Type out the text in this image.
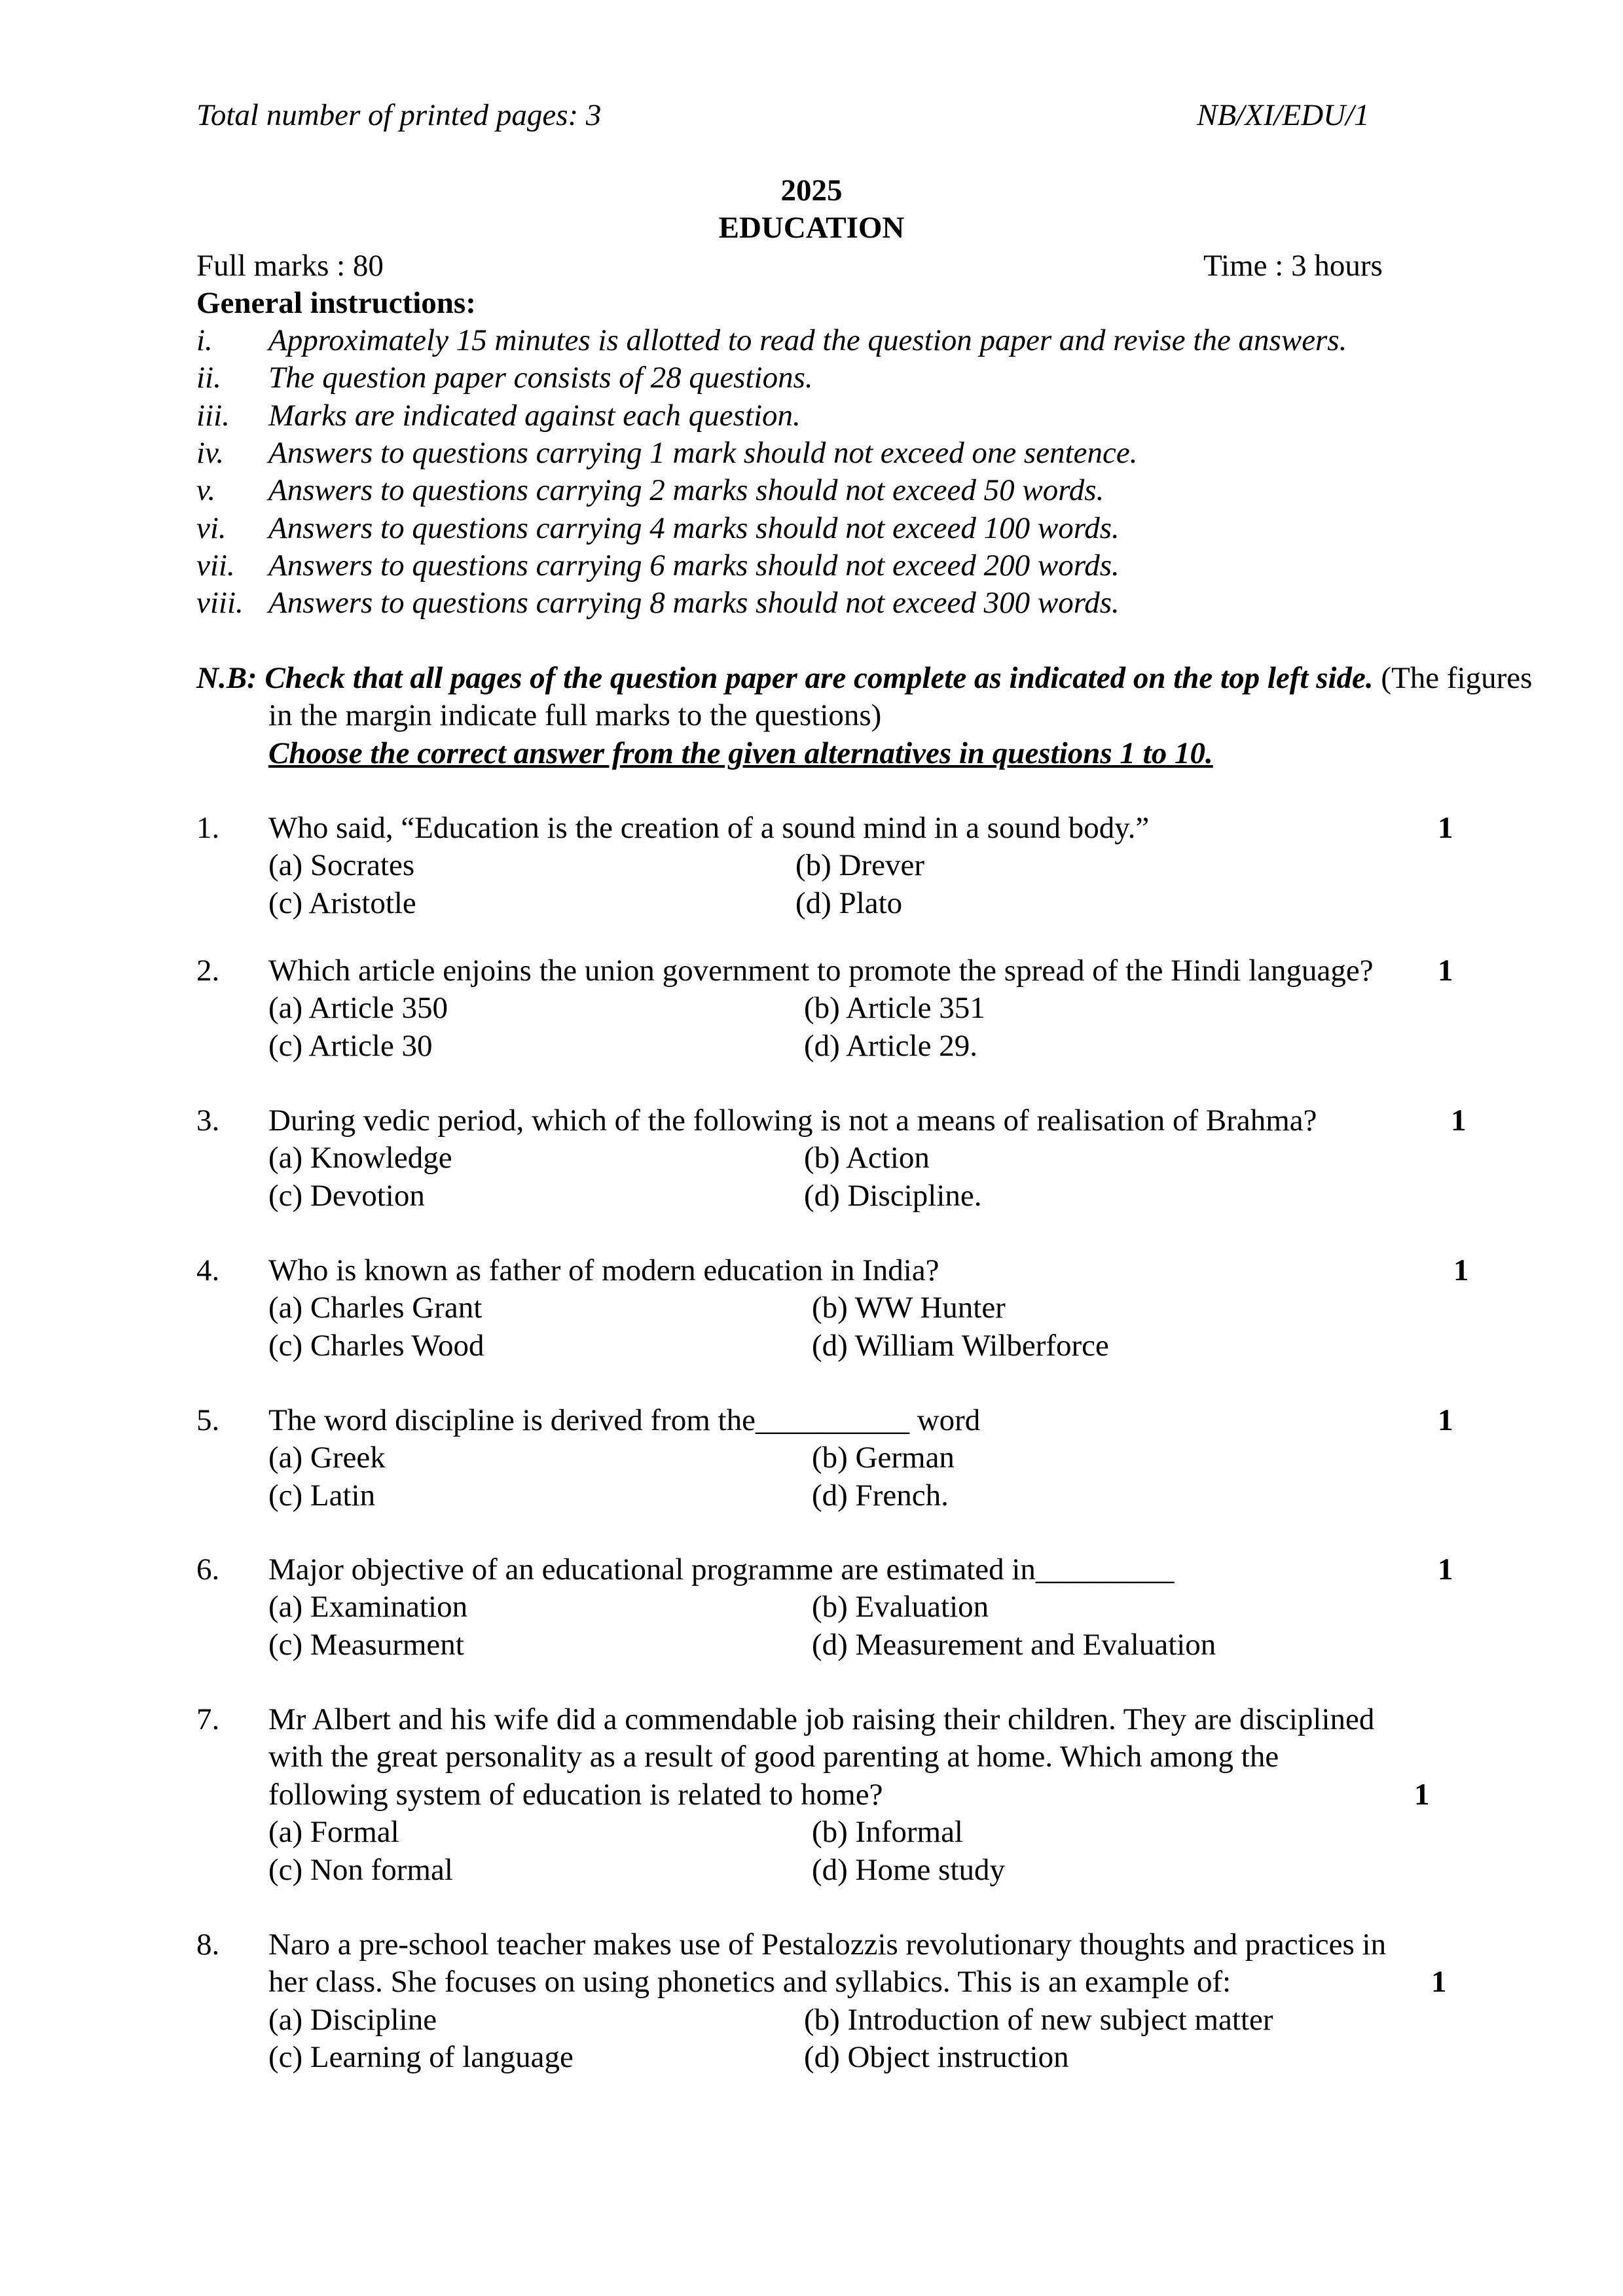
Total number of printed pages: 3	NB/XI/EDU/1
2025
EDUCATION
Full marks : 80	Time : 3 hours
General instructions:
i. Approximately 15 minutes is allotted to read the question paper and revise the answers.
ii. The question paper consists of 28 questions.
iii. Marks are indicated against each question.
iv. Answers to questions carrying 1 mark should not exceed one sentence.
v. Answers to questions carrying 2 marks should not exceed 50 words.
vi. Answers to questions carrying 4 marks should not exceed 100 words.
vii. Answers to questions carrying 6 marks should not exceed 200 words.
viii. Answers to questions carrying 8 marks should not exceed 300 words.
N.B: Check that all pages of the question paper are complete as indicated on the top left side. (The figures
in the margin indicate full marks to the questions)
Choose the correct answer from the given alternatives in questions 1 to 10.
1. Who said, “Education is the creation of a sound mind in a sound body.”	1
(a) Socrates	(b) Drever
(c) Aristotle	(d) Plato
2. Which article enjoins the union government to promote the spread of the Hindi language? 1
(a) Article 350	(b) Article 351
(c) Article 30	(d) Article 29.
3. During vedic period, which of the following is not a means of realisation of Brahma?	1
(a) Knowledge	(b) Action
(c) Devotion	(d) Discipline.
4. Who is known as father of modern education in India?	1
(a) Charles Grant	(b) WW Hunter
(c) Charles Wood	(d) William Wilberforce
5. The word discipline is derived from the__________ word	1
(a) Greek	(b) German
(c) Latin	(d) French.
6. Major objective of an educational programme are estimated in_________	1
(a) Examination	(b) Evaluation
(c) Measurment	(d) Measurement and Evaluation
7. Mr Albert and his wife did a commendable job raising their children. They are disciplined
with the great personality as a result of good parenting at home. Which among the
following system of education is related to home?	1
(a) Formal	(b) Informal
(c) Non formal	(d) Home study
8. Naro a pre-school teacher makes use of Pestalozzis revolutionary thoughts and practices in
her class. She focuses on using phonetics and syllabics. This is an example of:	1
(a) Discipline	(b) Introduction of new subject matter
(c) Learning of language	(d) Object instruction
